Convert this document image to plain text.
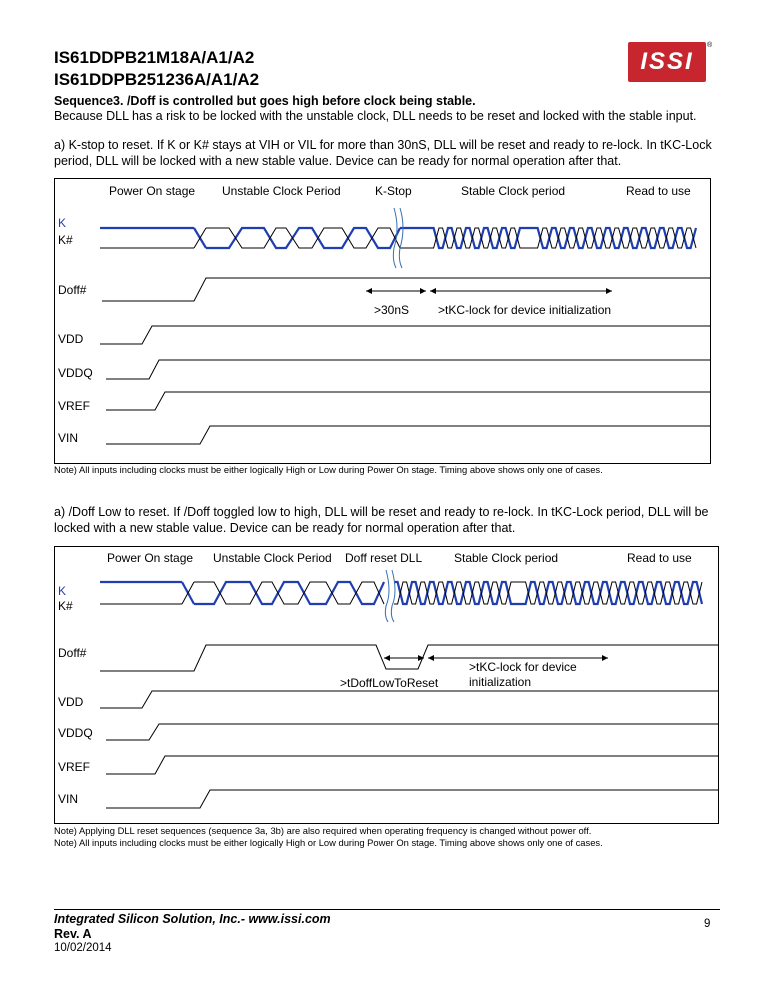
IS61DDPB21M18A/A1/A2
IS61DDPB251236A/A1/A2
ISSI
®
Sequence3. /Doff is controlled but goes high before clock being stable.
Because DLL has a risk to be locked with the unstable clock, DLL needs to be reset and locked with the stable input.
a) K-stop to reset. If K or K# stays at VIH or VIL for more than 30nS, DLL will be reset and ready to re-lock. In tKC-Lock period, DLL will be locked with a new stable value. Device can be ready for normal operation after that.
Power On stage Unstable Clock Period	K-Stop	Stable Clock period	Read to use
K
K#
Doff#
VDD
VDDQ
VREF
VIN
>30nS >tKC-lock for device initialization
Note) All inputs including clocks must be either logically High or Low during Power On stage. Timing above shows only one of cases.
a) /Doff Low to reset. If /Doff toggled low to high, DLL will be reset and ready to re-lock. In tKC-Lock period, DLL will be locked with a new stable value. Device can be ready for normal operation after that.
Power On stage Unstable Clock Period Doff reset DLL	Stable Clock period	Read to use
K
K#
Doff#
VDD
VDDQ
VREF
VIN
>tDoffLowToReset
>tKC-lock for device
initialization
Note) Applying DLL reset sequences (sequence 3a, 3b) are also required when operating frequency is changed without power off.
Note) All inputs including clocks must be either logically High or Low during Power On stage. Timing above shows only one of cases.
Integrated Silicon Solution, Inc.- www.issi.com
Rev. A
10/02/2014
9
